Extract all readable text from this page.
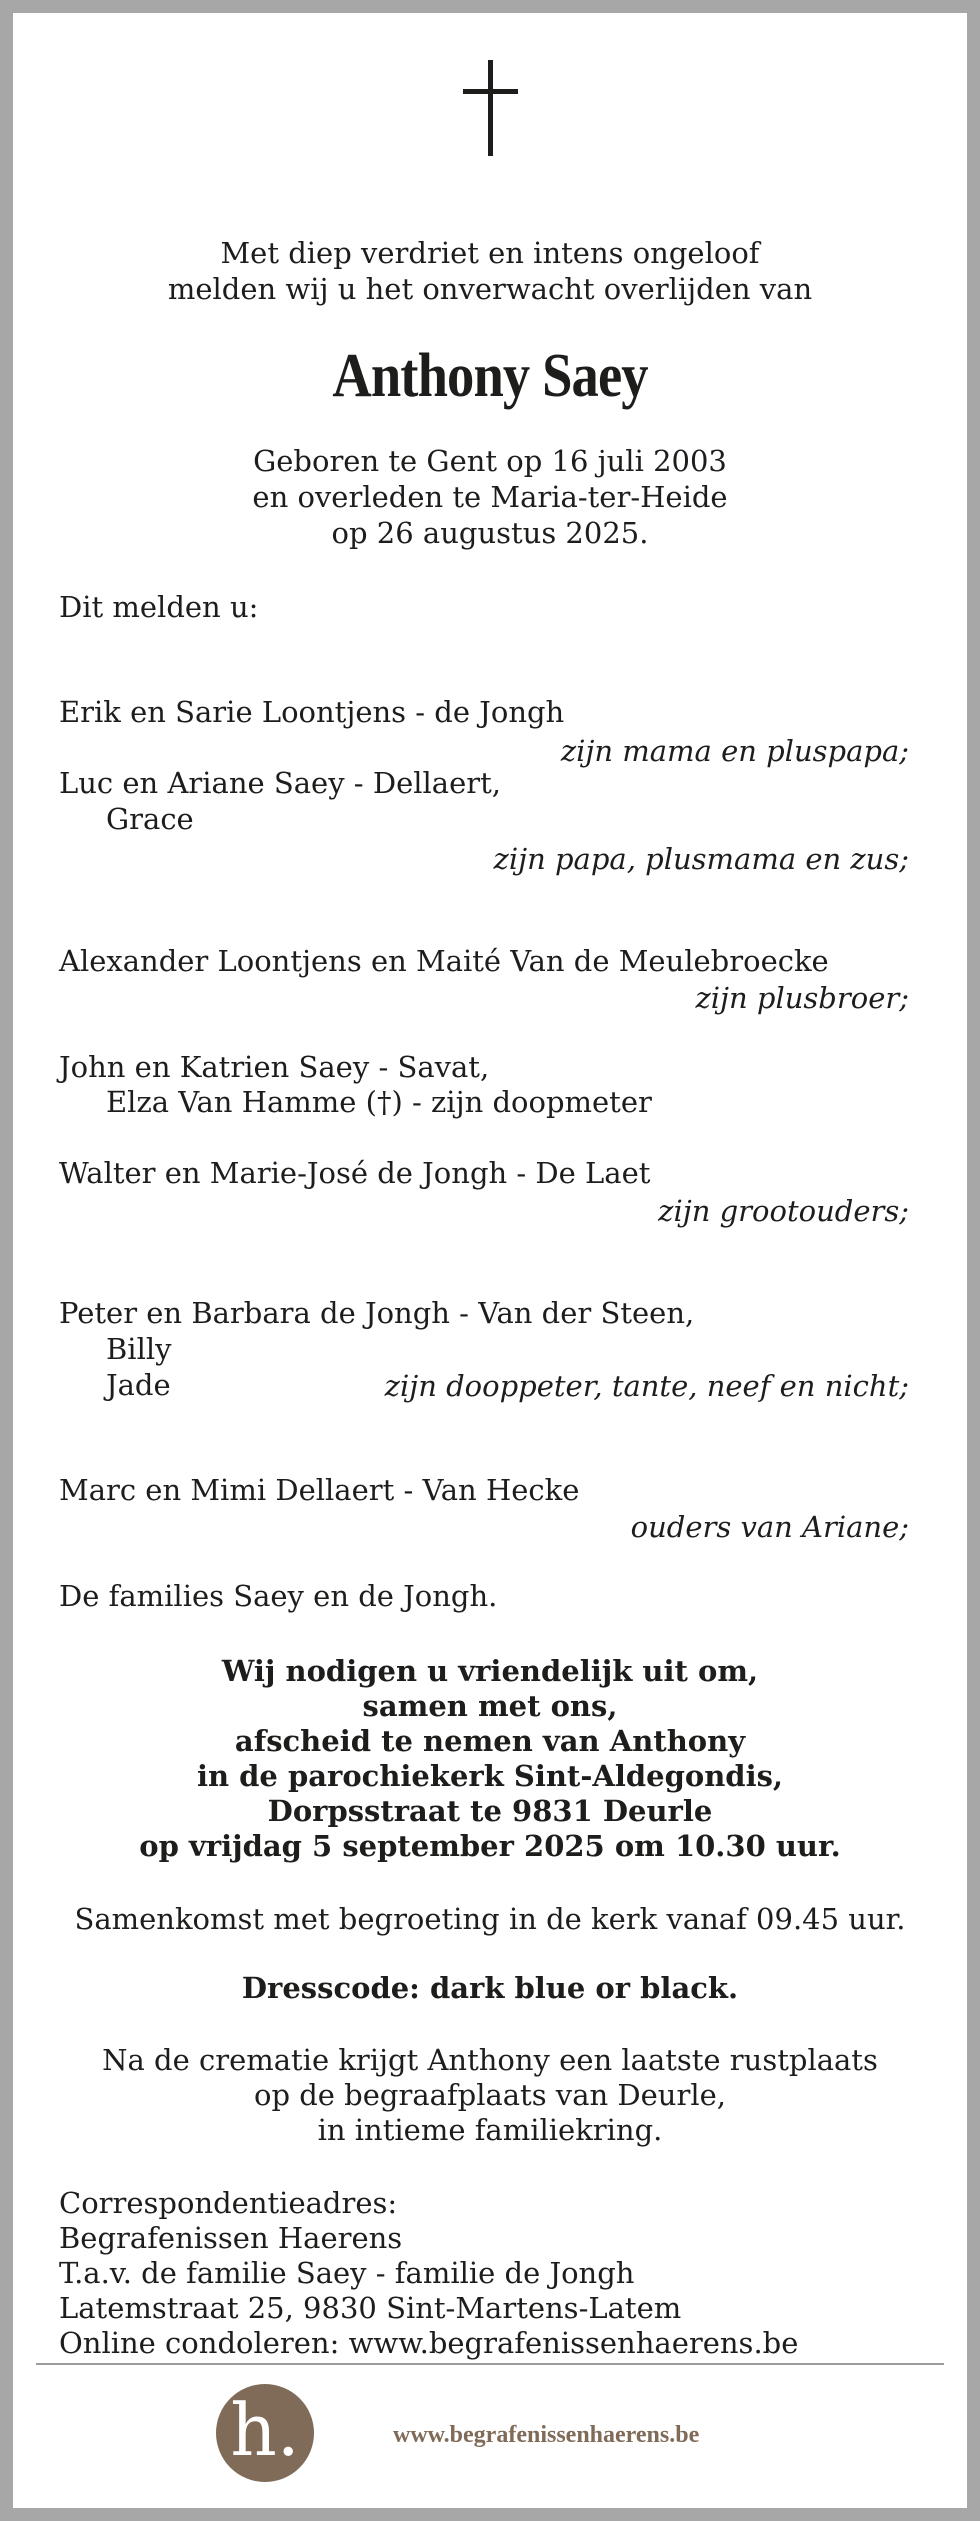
Met diep verdriet en intens ongeloof

melden wij u het onverwacht overlijden van

Anthony Saey

Geboren te Gent op 16 juli 2003

en overleden te Maria-ter-Heide

op 26 augustus 2025.

Dit melden u:

Erik en Sarie Loontjens - de Jongh

zijn mama en pluspapa;

Luc en Ariane Saey - Dellaert,

Grace

zijn papa, plusmama en zus;

Alexander Loontjens en Maité Van de Meulebroecke

zijn plusbroer;

John en Katrien Saey - Savat,

Elza Van Hamme (†) - zijn doopmeter

Walter en Marie-José de Jongh - De Laet

zijn grootouders;

Peter en Barbara de Jongh - Van der Steen,

Billy

Jade	zijn dooppeter, tante, neef en nicht;

Marc en Mimi Dellaert - Van Hecke

ouders van Ariane;

De families Saey en de Jongh.

Wij nodigen u vriendelijk uit om,

samen met ons,

afscheid te nemen van Anthony

in de parochiekerk Sint-Aldegondis,

Dorpsstraat te 9831 Deurle

op vrijdag 5 september 2025 om 10.30 uur.

Samenkomst met begroeting in de kerk vanaf 09.45 uur.

Dresscode: dark blue or black.

Na de crematie krijgt Anthony een laatste rustplaats

op de begraafplaats van Deurle,

in intieme familiekring.

Correspondentieadres:

Begrafenissen Haerens

T.a.v. de familie Saey - familie de Jongh

Latemstraat 25, 9830 Sint-Martens-Latem

Online condoleren: www.begrafenissenhaerens.be

h.	www.begrafenissenhaerens.be
